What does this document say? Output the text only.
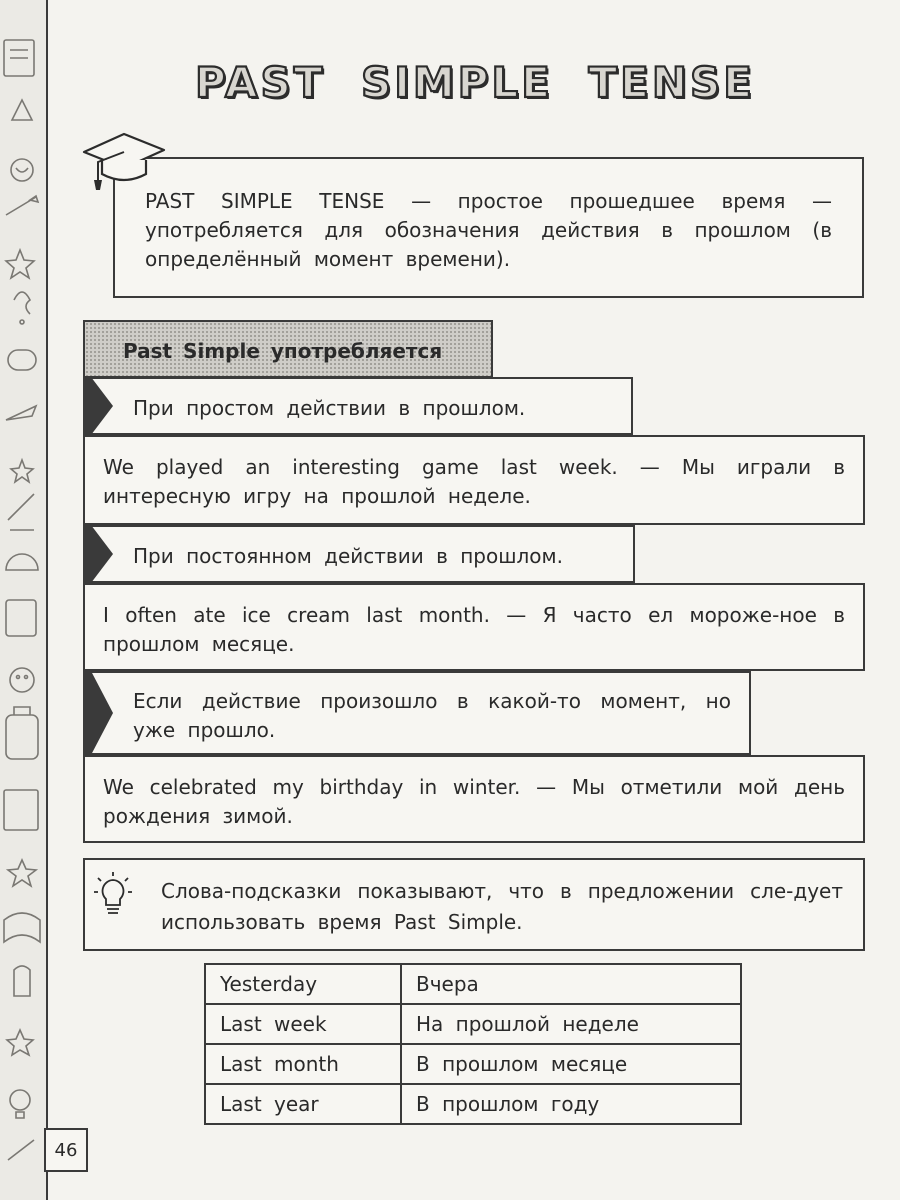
46
PAST SIMPLE TENSE
PAST SIMPLE TENSE — простое прошедшее время — употребляется для обозначения действия в прошлом (в определённый момент времени).
Past Simple употребляется
При простом действии в прошлом.
We played an interesting game last week. — Мы играли в интересную игру на прошлой неделе.
При постоянном действии в прошлом.
I often ate ice cream last month. — Я часто ел мороже-ное в прошлом месяце.
Если действие произошло в какой-то момент, но уже прошло.
We celebrated my birthday in winter. — Мы отметили мой день рождения зимой.
Слова-подсказки показывают, что в предложении сле-дует использовать время Past Simple.
Yesterday	Вчера
Last week	На прошлой неделе
Last month	В прошлом месяце
Last year	В прошлом году
